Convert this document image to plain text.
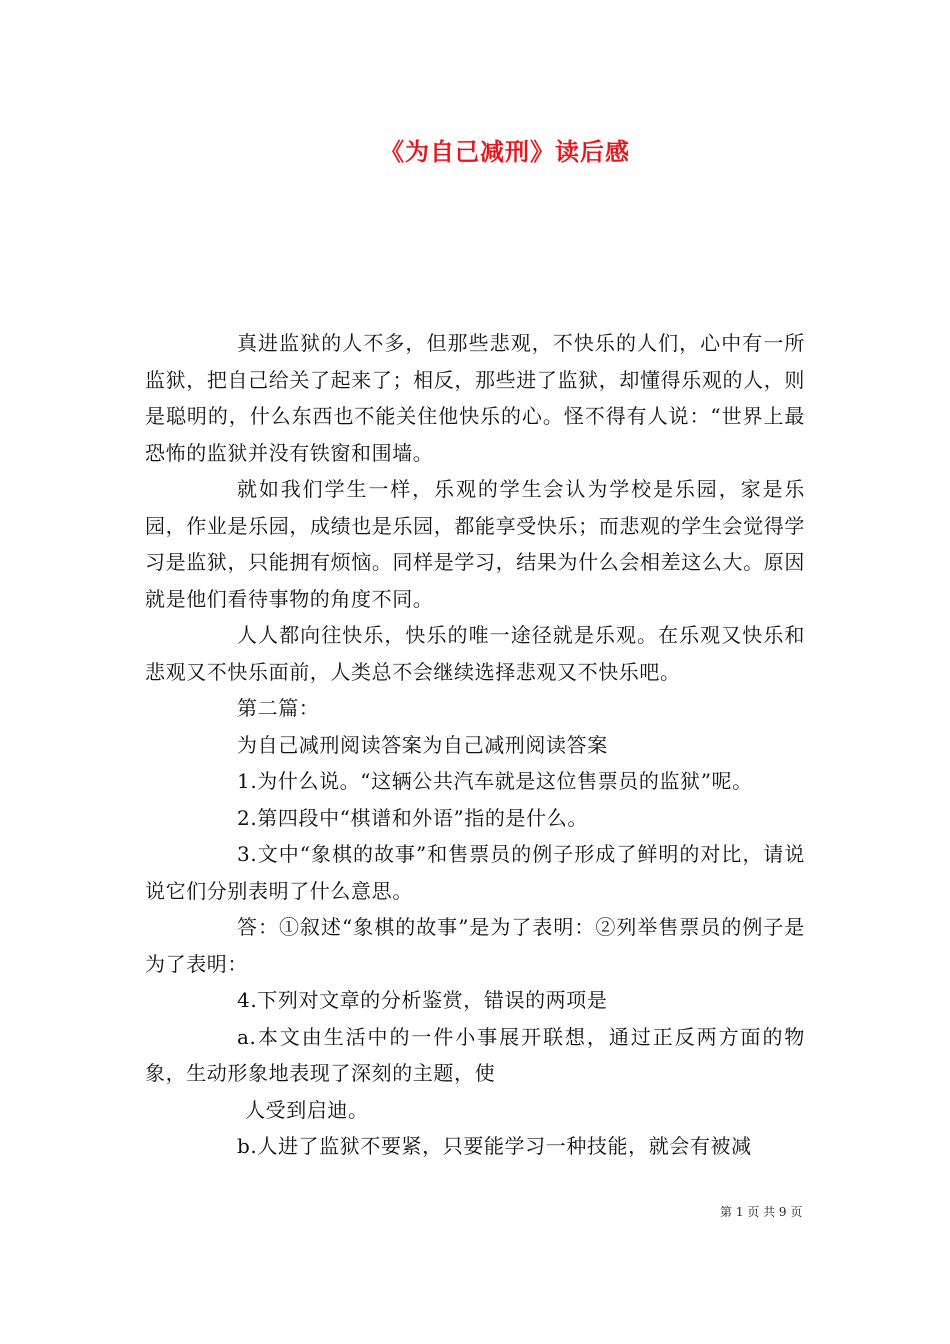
《为自己减刑》读后感

真进监狱的人不多，但那些悲观，不快乐的人们，心中有一所监狱，把自己给关了起来了；相反，那些进了监狱，却懂得乐观的人，则是聪明的，什么东西也不能关住他快乐的心。怪不得有人说：“世界上最恐怖的监狱并没有铁窗和围墙。

就如我们学生一样，乐观的学生会认为学校是乐园，家是乐园，作业是乐园，成绩也是乐园，都能享受快乐；而悲观的学生会觉得学习是监狱，只能拥有烦恼。同样是学习，结果为什么会相差这么大。原因就是他们看待事物的角度不同。

人人都向往快乐，快乐的唯一途径就是乐观。在乐观又快乐和悲观又不快乐面前，人类总不会继续选择悲观又不快乐吧。

第二篇：

为自己减刑阅读答案为自己减刑阅读答案

1.为什么说。“这辆公共汽车就是这位售票员的监狱”呢。

2.第四段中“棋谱和外语”指的是什么。

3.文中“象棋的故事”和售票员的例子形成了鲜明的对比，请说说它们分别表明了什么意思。

答：①叙述“象棋的故事”是为了表明：②列举售票员的例子是为了表明：

4.下列对文章的分析鉴赏，错误的两项是

a.本文由生活中的一件小事展开联想，通过正反两方面的物象，生动形象地表现了深刻的主题，使

人受到启迪。

b.人进了监狱不要紧，只要能学习一种技能，就会有被减

第 1 页 共 9 页
